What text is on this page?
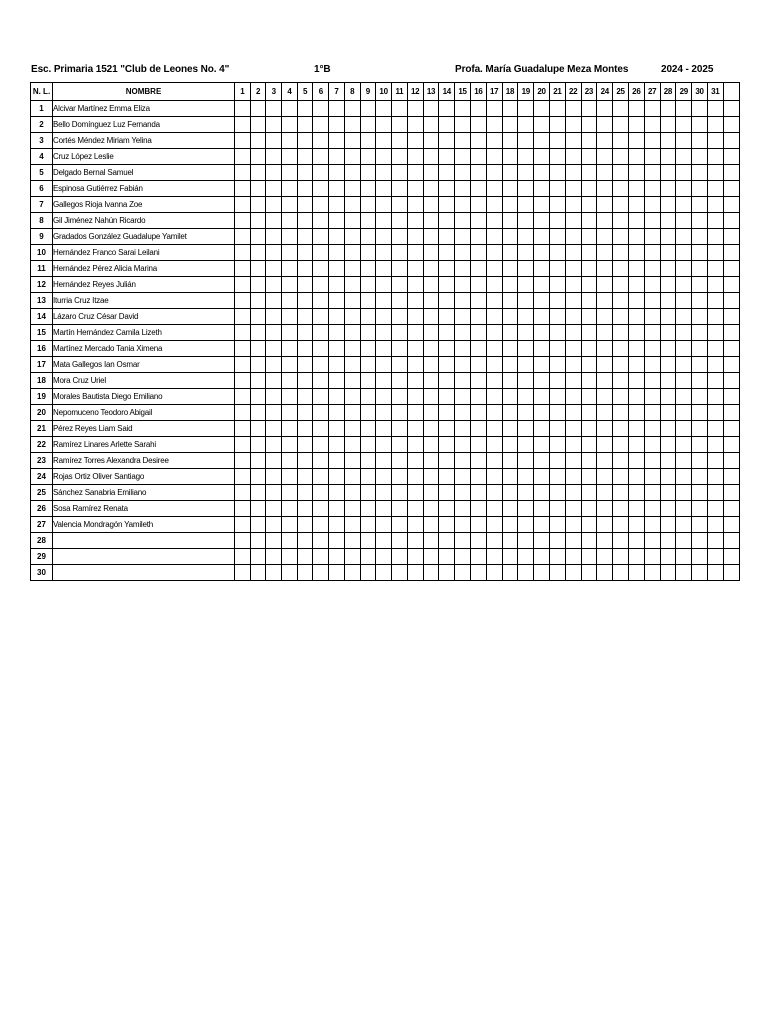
Esc. Primaria 1521 "Club de Leones No. 4"	1°B	Profa. María Guadalupe Meza Montes	2024 - 2025
N. L.	NOMBRE	1	2	3	4	5	6	7	8	9	10	11	12	13	14	15	16	17	18	19	20	21	22	23	24	25	26	27	28	29	30	31	
1	Alcivar Martínez Emma Eliza																																
2	Bello Domínguez Luz Fernanda																																
3	Cortés Méndez Miriam Yelina																																
4	Cruz López Leslie																																
5	Delgado Bernal Samuel																																
6	Espinosa Gutiérrez Fabián																																
7	Gallegos Rioja Ivanna Zoe																																
8	Gil Jiménez Nahún Ricardo																																
9	Gradados González Guadalupe Yamilet																																
10	Hernández Franco Sarai Leilani																																
11	Hernández Pérez Alicia Marina																																
12	Hernández Reyes Julián																																
13	Iturria Cruz Itzae																																
14	Lázaro Cruz César David																																
15	Martín Hernández Camila Lizeth																																
16	Martínez Mercado Tania Ximena																																
17	Mata Gallegos Ian Osmar																																
18	Mora Cruz Uriel																																
19	Morales Bautista Diego Emiliano																																
20	Nepomuceno Teodoro Abigail																																
21	Pérez Reyes Liam Said																																
22	Ramírez Linares Arlette Sarahi																																
23	Ramírez Torres Alexandra Desiree																																
24	Rojas Ortiz Oliver Santiago																																
25	Sánchez Sanabria Emiliano																																
26	Sosa Ramírez Renata																																
27	Valencia Mondragón Yamileth																																
28																																	
29																																	
30																																	
